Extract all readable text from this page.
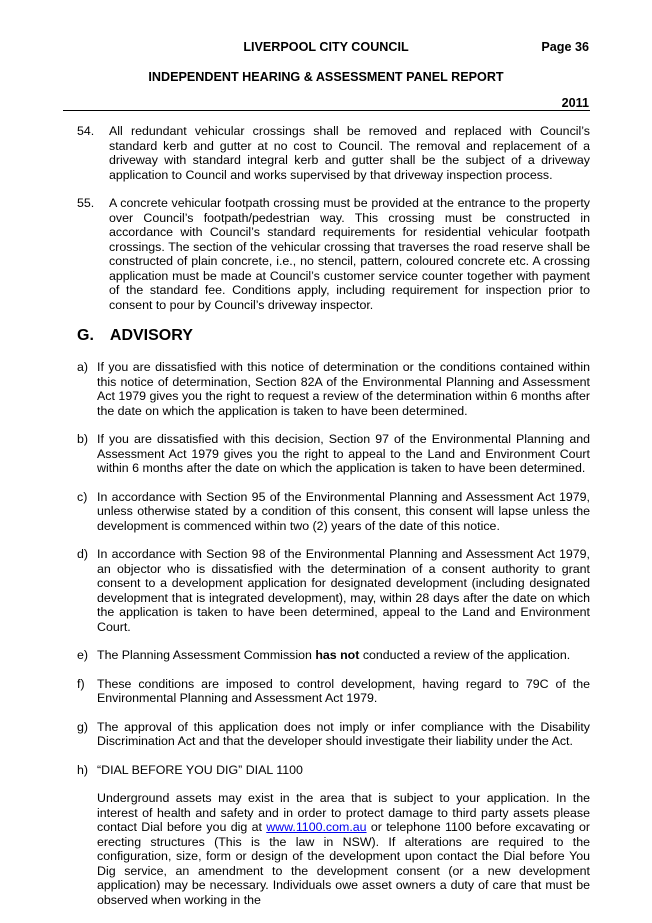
LIVERPOOL CITY COUNCIL	Page 36
INDEPENDENT HEARING & ASSESSMENT PANEL REPORT
2011
54. All redundant vehicular crossings shall be removed and replaced with Council’s standard kerb and gutter at no cost to Council. The removal and replacement of a driveway with standard integral kerb and gutter shall be the subject of a driveway application to Council and works supervised by that driveway inspection process.
55. A concrete vehicular footpath crossing must be provided at the entrance to the property over Council’s footpath/pedestrian way. This crossing must be constructed in accordance with Council’s standard requirements for residential vehicular footpath crossings. The section of the vehicular crossing that traverses the road reserve shall be constructed of plain concrete, i.e., no stencil, pattern, coloured concrete etc. A crossing application must be made at Council’s customer service counter together with payment of the standard fee. Conditions apply, including requirement for inspection prior to consent to pour by Council’s driveway inspector.
G. ADVISORY
a) If you are dissatisfied with this notice of determination or the conditions contained within this notice of determination, Section 82A of the Environmental Planning and Assessment Act 1979 gives you the right to request a review of the determination within 6 months after the date on which the application is taken to have been determined.
b) If you are dissatisfied with this decision, Section 97 of the Environmental Planning and Assessment Act 1979 gives you the right to appeal to the Land and Environment Court within 6 months after the date on which the application is taken to have been determined.
c) In accordance with Section 95 of the Environmental Planning and Assessment Act 1979, unless otherwise stated by a condition of this consent, this consent will lapse unless the development is commenced within two (2) years of the date of this notice.
d) In accordance with Section 98 of the Environmental Planning and Assessment Act 1979, an objector who is dissatisfied with the determination of a consent authority to grant consent to a development application for designated development (including designated development that is integrated development), may, within 28 days after the date on which the application is taken to have been determined, appeal to the Land and Environment Court.
e) The Planning Assessment Commission has not conducted a review of the application.
f) These conditions are imposed to control development, having regard to 79C of the Environmental Planning and Assessment Act 1979.
g) The approval of this application does not imply or infer compliance with the Disability Discrimination Act and that the developer should investigate their liability under the Act.
h) “DIAL BEFORE YOU DIG” DIAL 1100

Underground assets may exist in the area that is subject to your application. In the interest of health and safety and in order to protect damage to third party assets please contact Dial before you dig at www.1100.com.au or telephone 1100 before excavating or erecting structures (This is the law in NSW). If alterations are required to the configuration, size, form or design of the development upon contact the Dial before You Dig service, an amendment to the development consent (or a new development application) may be necessary. Individuals owe asset owners a duty of care that must be observed when working in the
